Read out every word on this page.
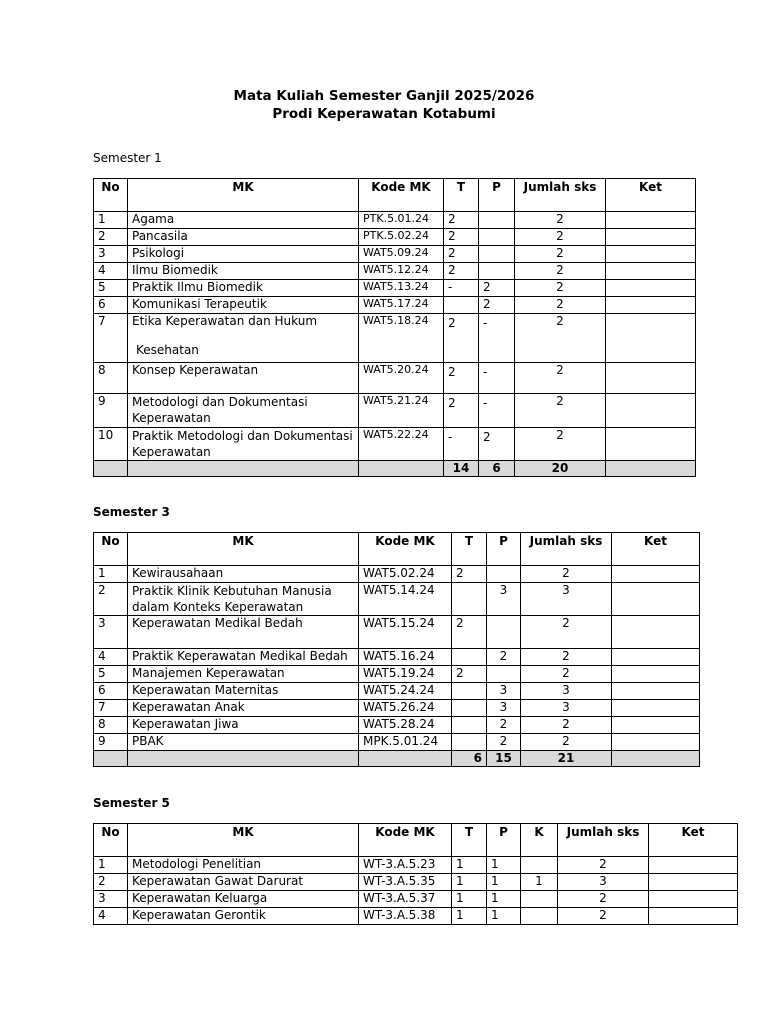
Mata Kuliah Semester Ganjil 2025/2026
Prodi Keperawatan Kotabumi
Semester 1
No	MK	Kode MK	T	P	Jumlah sks	Ket
1	Agama	PTK.5.01.24	2		2	
2	Pancasila	PTK.5.02.24	2		2	
3	Psikologi	WAT5.09.24	2		2	
4	Ilmu Biomedik	WAT5.12.24	2		2	
5	Praktik Ilmu Biomedik	WAT5.13.24	-	2	2	
6	Komunikasi Terapeutik	WAT5.17.24		2	2	
7	Etika Keperawatan dan Hukum
Kesehatan	WAT5.18.24	2	-	2	
8	Konsep Keperawatan	WAT5.20.24	2	-	2	
9	Metodologi dan Dokumentasi
Keperawatan	WAT5.21.24	2	-	2	
10	Praktik Metodologi dan Dokumentasi
Keperawatan	WAT5.22.24	-	2	2	
			14	6	20	
Semester 3
No	MK	Kode MK	T	P	Jumlah sks	Ket
1	Kewirausahaan	WAT5.02.24	2		2	
2	Praktik Klinik Kebutuhan Manusia
dalam Konteks Keperawatan	WAT5.14.24		3	3	
3	Keperawatan Medikal Bedah	WAT5.15.24	2		2	
4	Praktik Keperawatan Medikal Bedah	WAT5.16.24		2	2	
5	Manajemen Keperawatan	WAT5.19.24	2		2	
6	Keperawatan Maternitas	WAT5.24.24		3	3	
7	Keperawatan Anak	WAT5.26.24		3	3	
8	Keperawatan Jiwa	WAT5.28.24		2	2	
9	PBAK	MPK.5.01.24		2	2	
			6	15	21	
Semester 5
No	MK	Kode MK	T	P	K	Jumlah sks	Ket
1	Metodologi Penelitian	WT-3.A.5.23	1	1		2	
2	Keperawatan Gawat Darurat	WT-3.A.5.35	1	1	1	3	
3	Keperawatan Keluarga	WT-3.A.5.37	1	1		2	
4	Keperawatan Gerontik	WT-3.A.5.38	1	1		2	
